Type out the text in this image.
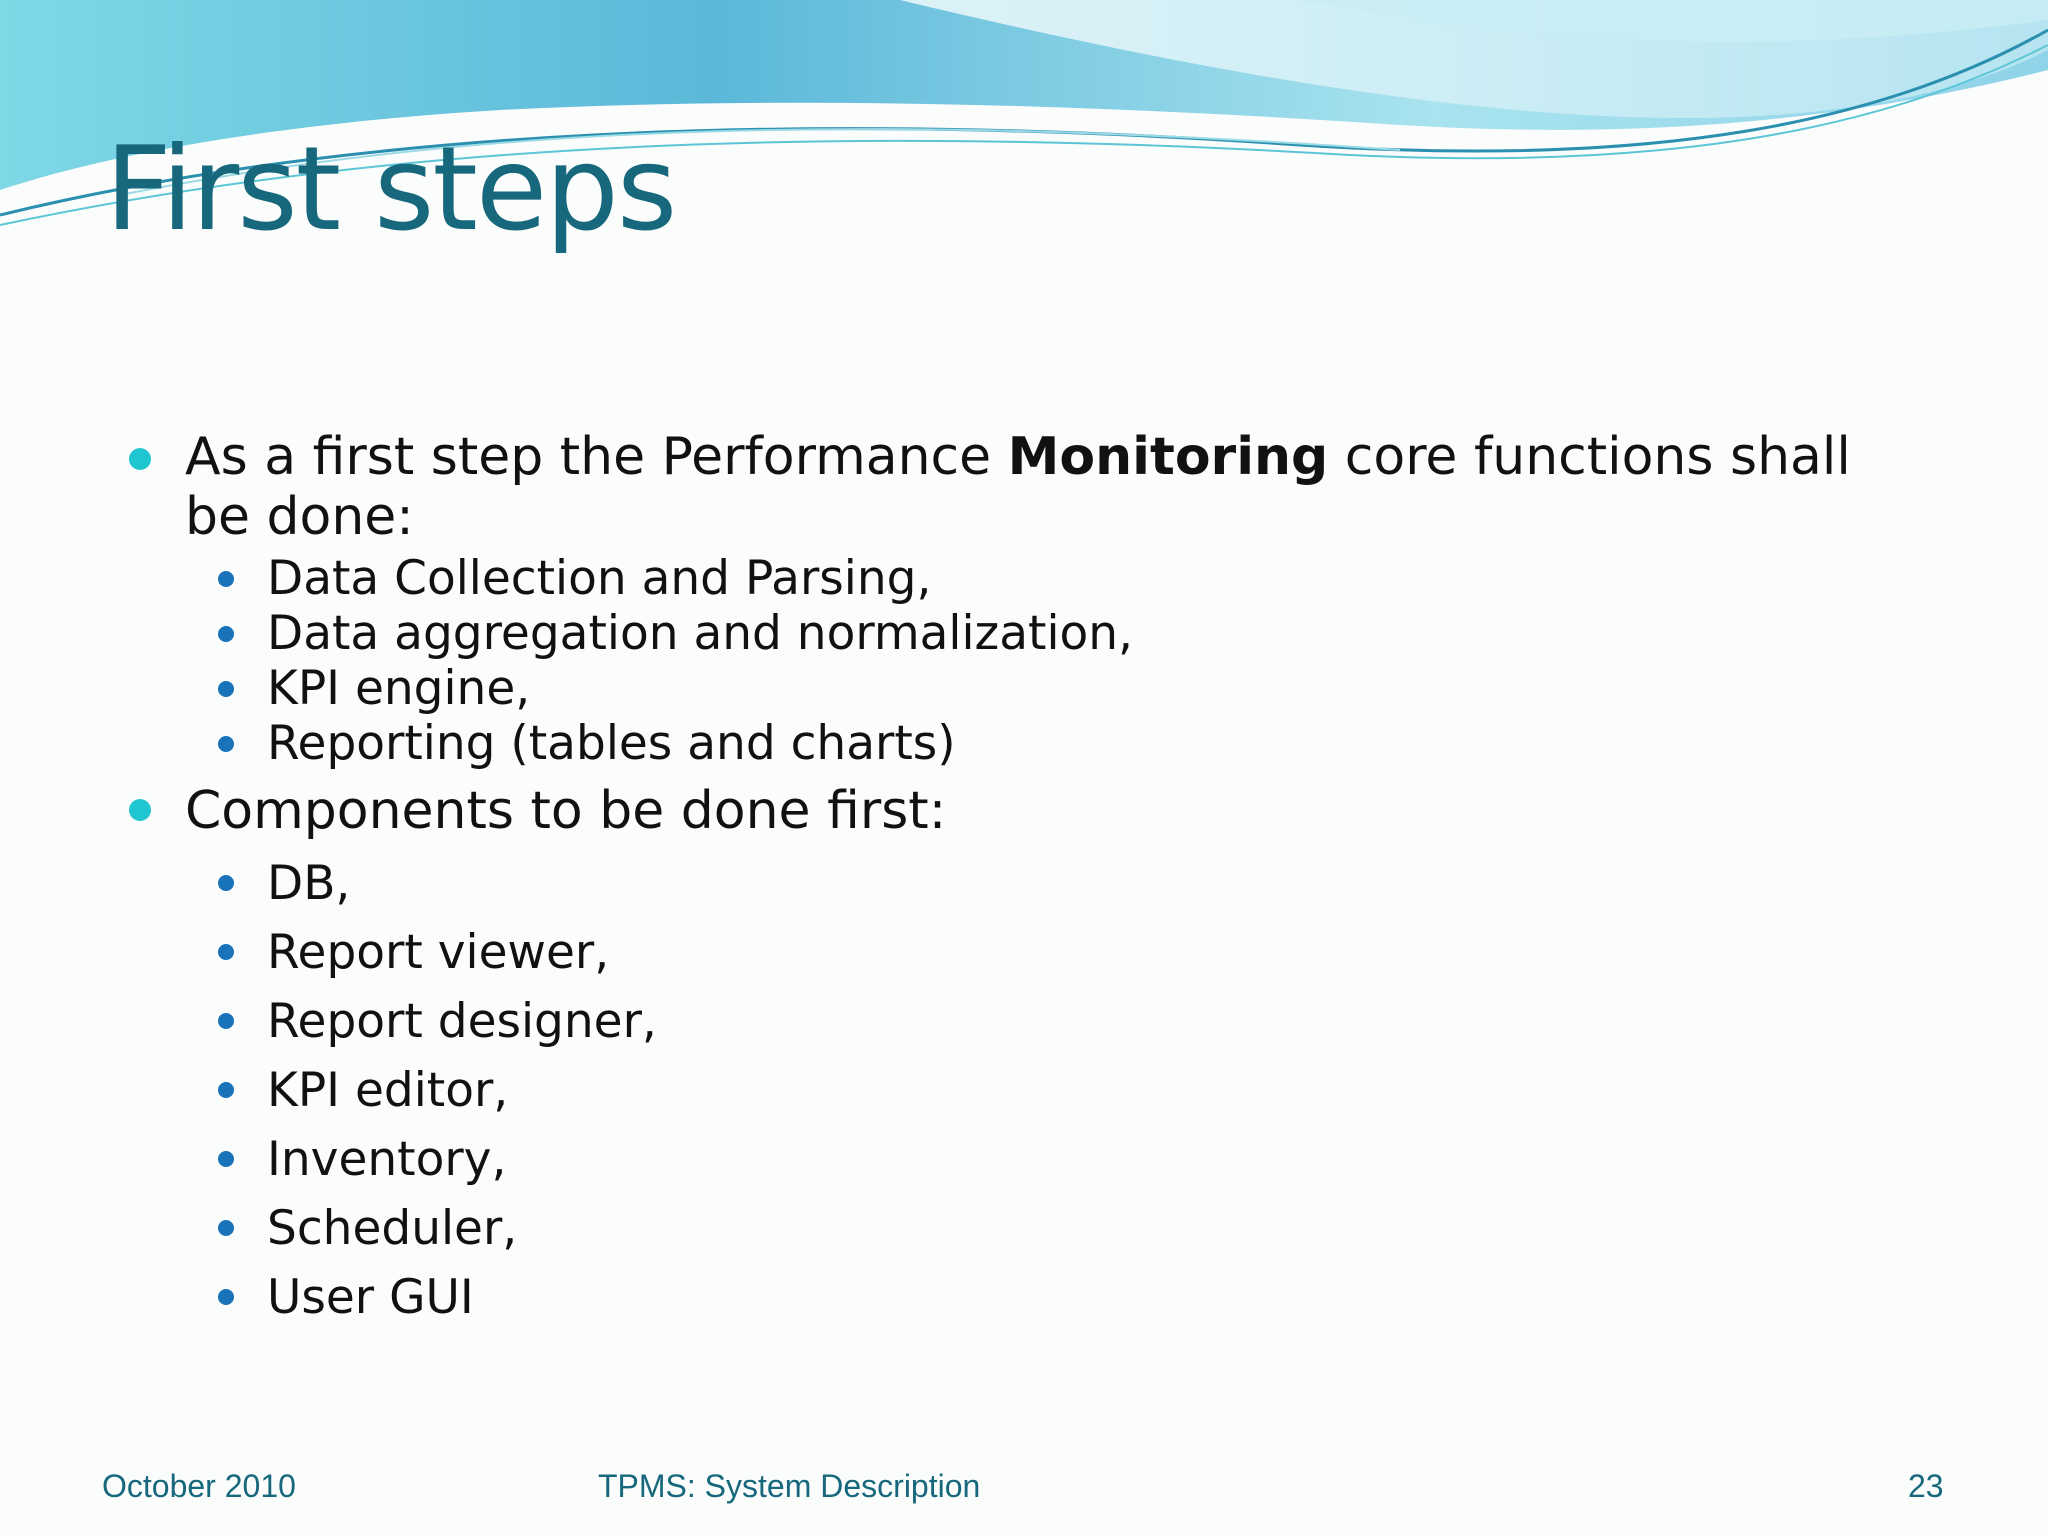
First steps
As a first step the Performance Monitoring core functions shall be done:
Data Collection and Parsing,
Data aggregation and normalization,
KPI engine,
Reporting (tables and charts)
Components to be done first:
DB,
Report viewer,
Report designer,
KPI editor,
Inventory,
Scheduler,
User GUI
October 2010	TPMS: System Description	23
